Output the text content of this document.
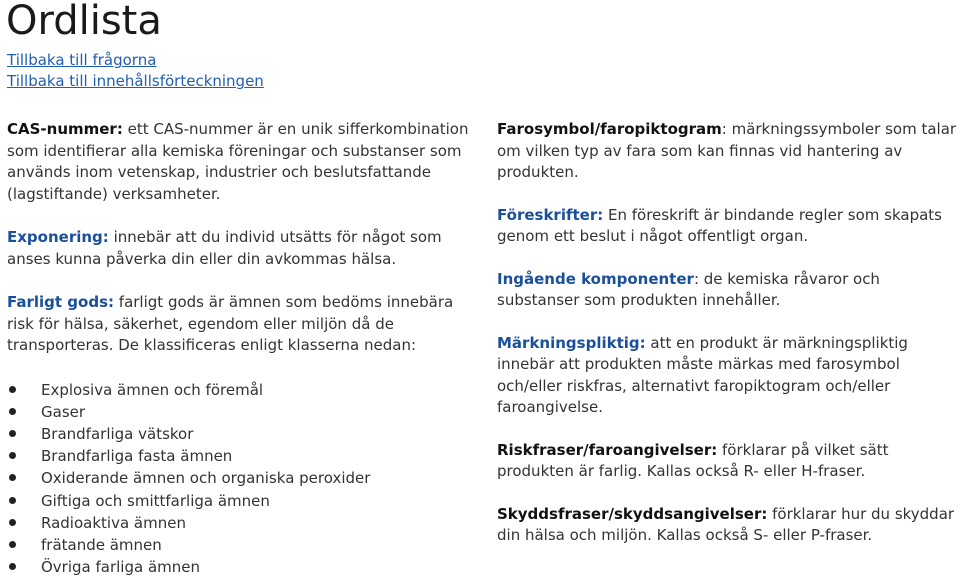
Ordlista
Tillbaka till frågorna
Tillbaka till innehållsförteckningen

CAS-nummer: ett CAS-nummer är en unik sifferkombination som identifierar alla kemiska föreningar och substanser som används inom vetenskap, industrier och beslutsfattande (lagstiftande) verksamheter.

Exponering: innebär att du individ utsätts för något som anses kunna påverka din eller din avkommas hälsa.

Farligt gods: farligt gods är ämnen som bedöms innebära risk för hälsa, säkerhet, egendom eller miljön då de transporteras. De klassificeras enligt klasserna nedan:

Explosiva ämnen och föremål
Gaser
Brandfarliga vätskor
Brandfarliga fasta ämnen
Oxiderande ämnen och organiska peroxider
Giftiga och smittfarliga ämnen
Radioaktiva ämnen
frätande ämnen
Övriga farliga ämnen

Farosymbol/faropiktogram: märkningssymboler som talar om vilken typ av fara som kan finnas vid hantering av produkten.

Föreskrifter: En föreskrift är bindande regler som skapats genom ett beslut i något offentligt organ.

Ingående komponenter: de kemiska råvaror och substanser som produkten innehåller.

Märkningspliktig: att en produkt är märkningspliktig innebär att produkten måste märkas med farosymbol och/eller riskfras, alternativt faropiktogram och/eller faroangivelse.

Riskfraser/faroangivelser: förklarar på vilket sätt produkten är farlig. Kallas också R- eller H-fraser.

Skyddsfraser/skyddsangivelser: förklarar hur du skyddar din hälsa och miljön. Kallas också S- eller P-fraser.
